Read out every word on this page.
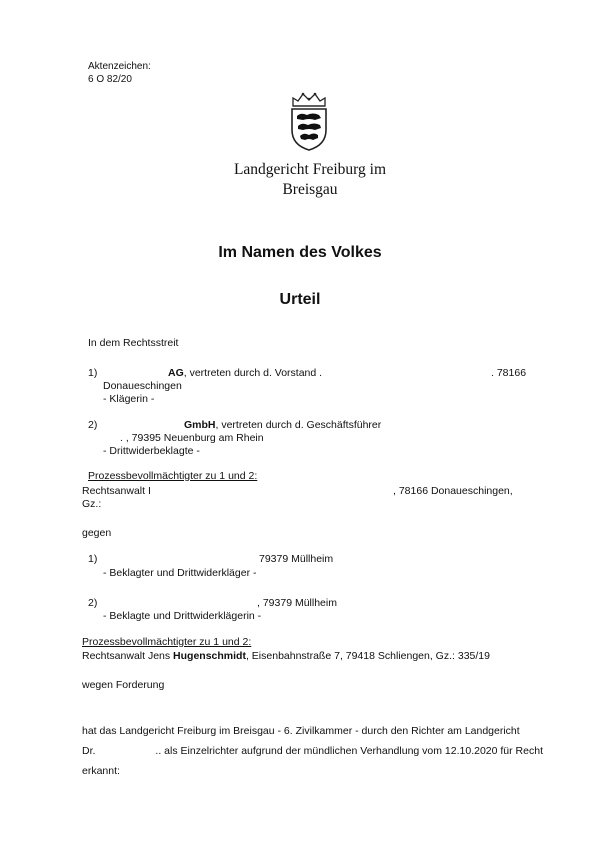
Aktenzeichen:
6 O 82/20
Landgericht Freiburg im
Breisgau
Im Namen des Volkes
Urteil
In dem Rechtsstreit
1)	AG, vertreten durch d. Vorstand .	. 78166
Donaueschingen
- Klägerin -
2)	GmbH, vertreten durch d. Geschäftsführer
. , 79395 Neuenburg am Rhein
- Drittwiderbeklagte -
Prozessbevollmächtigter zu 1 und 2:
Rechtsanwalt I	, 78166 Donaueschingen,
Gz.:
gegen
1)	79379 Müllheim
- Beklagter und Drittwiderkläger -
2)	, 79379 Müllheim
- Beklagte und Drittwiderklägerin -
Prozessbevollmächtigter zu 1 und 2:
Rechtsanwalt Jens Hugenschmidt, Eisenbahnstraße 7, 79418 Schliengen, Gz.: 335/19
wegen Forderung
hat das Landgericht Freiburg im Breisgau - 6. Zivilkammer - durch den Richter am Landgericht
Dr.	.. als Einzelrichter aufgrund der mündlichen Verhandlung vom 12.10.2020 für Recht
erkannt:
